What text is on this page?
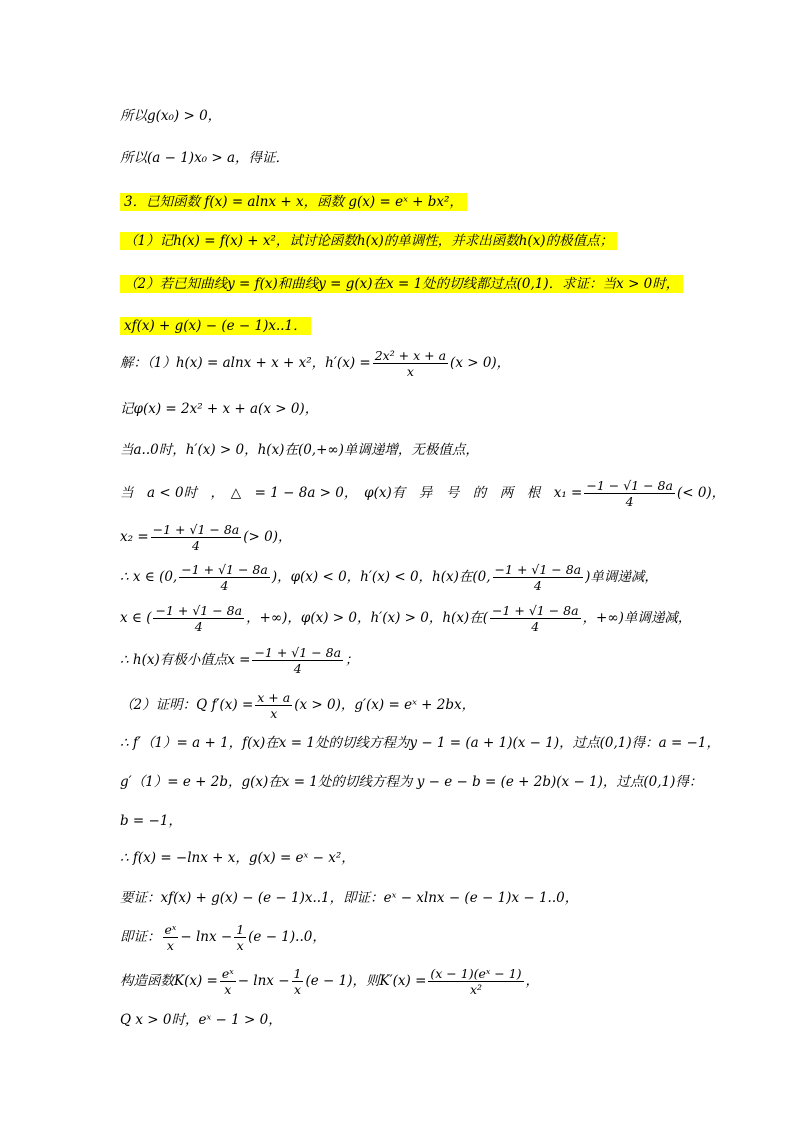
所以g(x₀) > 0，
所以(a − 1)x₀ > a，得证．
3．已知函数 f(x) = alnx + x，函数 g(x) = eˣ + bx²，
（1）记h(x) = f(x) + x²，试讨论函数h(x)的单调性，并求出函数h(x)的极值点；
（2）若已知曲线y = f(x)和曲线y = g(x)在x = 1处的切线都过点(0,1)．求证：当x > 0时，
xf(x) + g(x) − (e − 1)x..1．
解：（1）h(x) = alnx + x + x²，$h'(x) = \frac{\text{2x² + x + a}}{x} (x > 0)$，
记φ(x) = 2x² + x + a(x > 0)，
当a..0时，h′(x) > 0，h(x)在(0,+∞)单调递增，无极值点，
当　a < 0时　，　△　= 1 − 8a > 0，　φ(x)有　异　号　的　两　根　$x_1 = \frac{-1 - √1 - 8a}{4}$ (< 0)，
$x_2 = \frac{-1 + √1 - 8a}{4}$ (> 0)，
∴ x ∈ (0, $\frac{-1 + √1 - 8a}{4}$ )，φ(x) < 0，h′(x) < 0，h(x)在(0, $\frac{-1 + √1 - 8a}{4}$ )单调递减，
x ∈ ( $\frac{-1 + √1 - 8a}{4}$ ，+∞)，φ(x) > 0，h′(x) > 0，h(x)在( $\frac{-1 + √1 - 8a}{4}$ ，+∞)单调递减，
∴ h(x)有极小值点$x = \frac{-1 + √1 - 8a}{4}$ ；
（2）证明：Q $f'(x) = \frac{x + a}{x} (x > 0)$，g′(x) = eˣ + 2bx，
∴ f′（1）= a + 1，f(x)在x = 1处的切线方程为y − 1 = (a + 1)(x − 1)，过点(0,1)得：a = −1，
g′（1）= e + 2b，g(x)在x = 1处的切线方程为 y − e − b = (e + 2b)(x − 1)，过点(0,1)得：
b = −1，
∴ f(x) = −lnx + x，g(x) = eˣ − x²，
要证：xf(x) + g(x) − (e − 1)x..1，即证：eˣ − xlnx − (e − 1)x − 1..0，
即证： $\frac{\text{eˣ}}{x} - \ln x - \frac{1}{x} (e - 1)..0$，
构造函数$K(x) = \frac{\text{eˣ}}{x} - \ln x - \frac{1}{x} (e - 1)$，则$K'(x) = \frac{\text{(x − 1)(eˣ − 1)}}{\text{x²}}$ ，
Q x > 0时，eˣ − 1 > 0，
